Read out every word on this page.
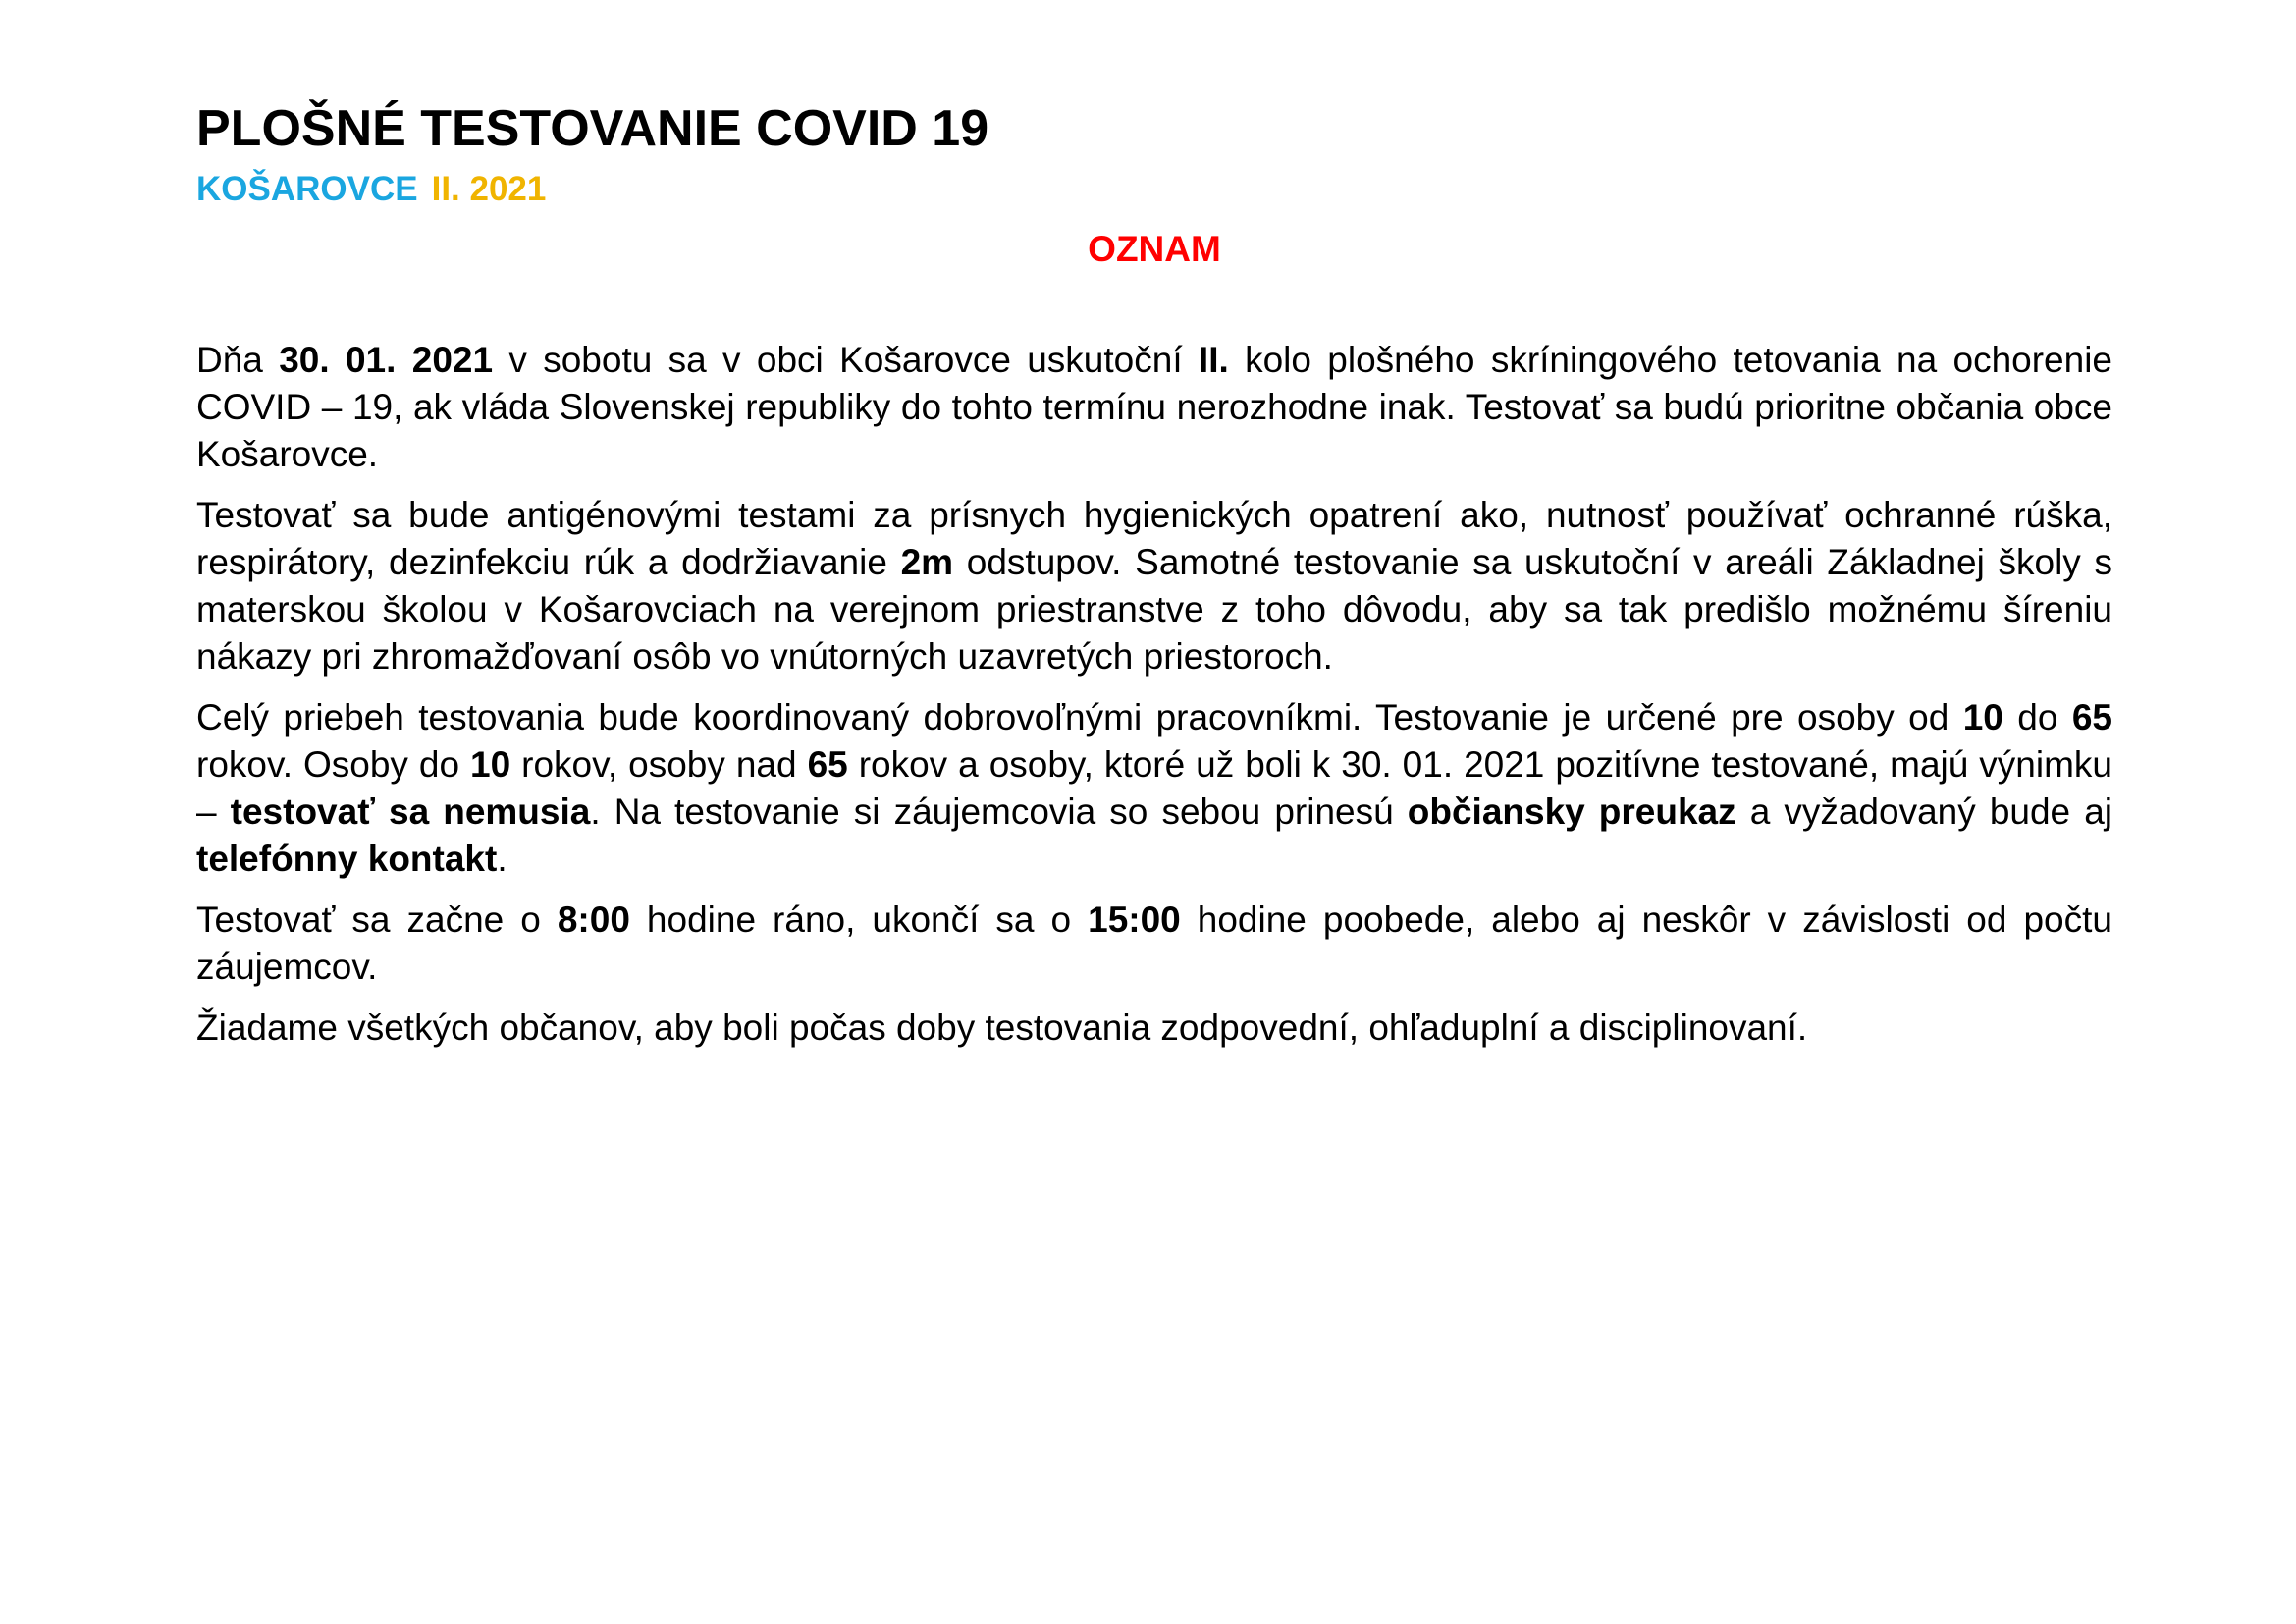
PLOŠNÉ TESTOVANIE COVID 19
KOŠAROVCE II. 2021
OZNAM

Dňa 30. 01. 2021 v sobotu sa v obci Košarovce uskutoční II. kolo plošného skríningového tetovania na ochorenie COVID – 19, ak vláda Slovenskej republiky do tohto termínu nerozhodne inak. Testovať sa budú prioritne občania obce Košarovce.

Testovať sa bude antigénovými testami za prísnych hygienických opatrení ako, nutnosť používať ochranné rúška, respirátory, dezinfekciu rúk a dodržiavanie 2m odstupov. Samotné testovanie sa uskutoční v areáli Základnej školy s materskou školou v Košarovciach na verejnom priestranstve z toho dôvodu, aby sa tak predišlo možnému šíreniu nákazy pri zhromažďovaní osôb vo vnútorných uzavretých priestoroch.

Celý priebeh testovania bude koordinovaný dobrovoľnými pracovníkmi. Testovanie je určené pre osoby od 10 do 65 rokov. Osoby do 10 rokov, osoby nad 65 rokov a osoby, ktoré už boli k 30. 01. 2021 pozitívne testované, majú výnimku – testovať sa nemusia. Na testovanie si záujemcovia so sebou prinesú občiansky preukaz a vyžadovaný bude aj telefónny kontakt.

Testovať sa začne o 8:00 hodine ráno, ukončí sa o 15:00 hodine poobede, alebo aj neskôr v závislosti od počtu záujemcov.

Žiadame všetkých občanov, aby boli počas doby testovania zodpovední, ohľaduplní a disciplinovaní.
